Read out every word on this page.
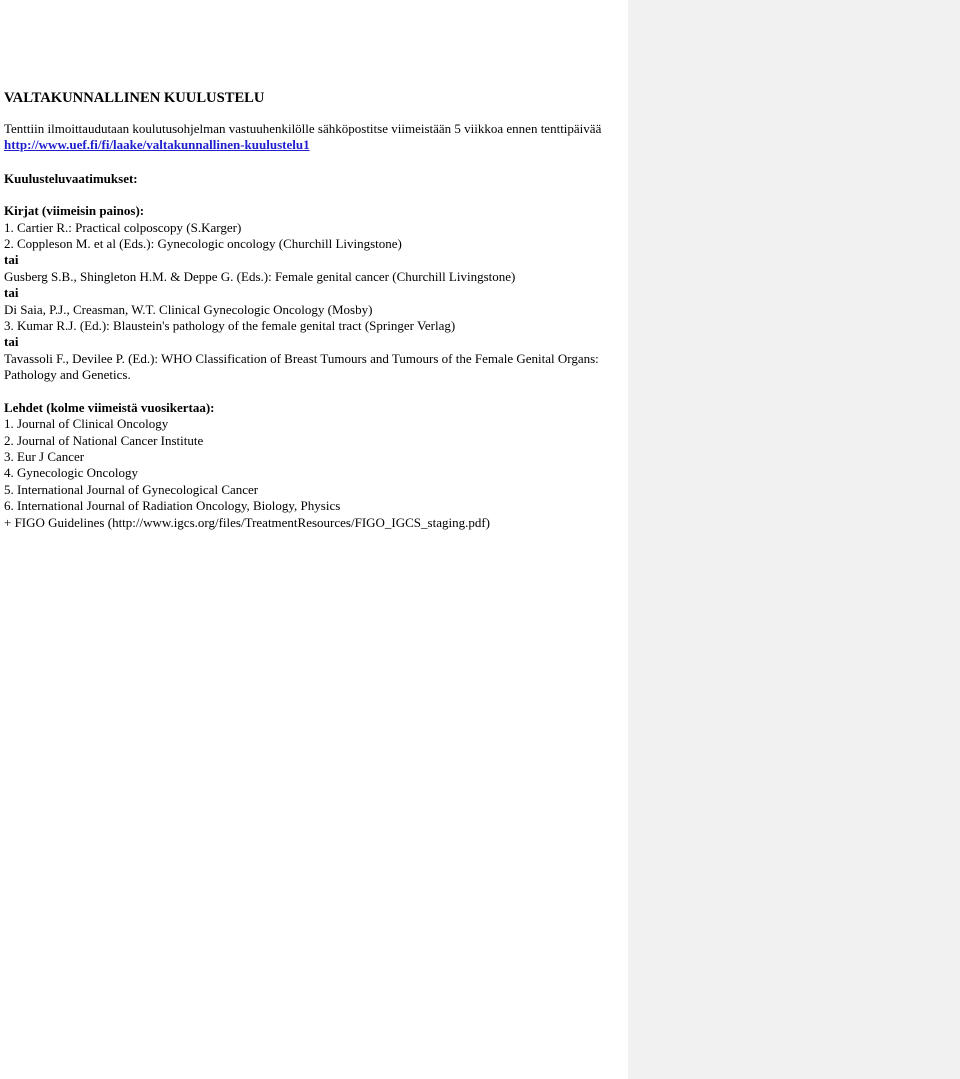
VALTAKUNNALLINEN KUULUSTELU

Tenttiin ilmoittaudutaan koulutusohjelman vastuuhenkilölle sähköpostitse viimeistään 5 viikkoa ennen tenttipäivää http://www.uef.fi/fi/laake/valtakunnallinen-kuulustelu1

Kuulusteluvaatimukset:

Kirjat (viimeisin painos):

1. Cartier R.: Practical colposcopy (S.Karger)

2. Coppleson M. et al (Eds.): Gynecologic oncology (Churchill Livingstone)

tai

Gusberg S.B., Shingleton H.M. & Deppe G. (Eds.): Female genital cancer (Churchill Livingstone)

tai

Di Saia, P.J., Creasman, W.T. Clinical Gynecologic Oncology (Mosby)

3. Kumar R.J. (Ed.): Blaustein's pathology of the female genital tract (Springer Verlag)

tai

Tavassoli F., Devilee P. (Ed.): WHO Classification of Breast Tumours and Tumours of the Female Genital Organs: Pathology and Genetics.

Lehdet (kolme viimeistä vuosikertaa):

1. Journal of Clinical Oncology

2. Journal of National Cancer Institute

3. Eur J Cancer

4. Gynecologic Oncology

5. International Journal of Gynecological Cancer

6. International Journal of Radiation Oncology, Biology, Physics

+ FIGO Guidelines (http://www.igcs.org/files/TreatmentResources/FIGO_IGCS_staging.pdf)
